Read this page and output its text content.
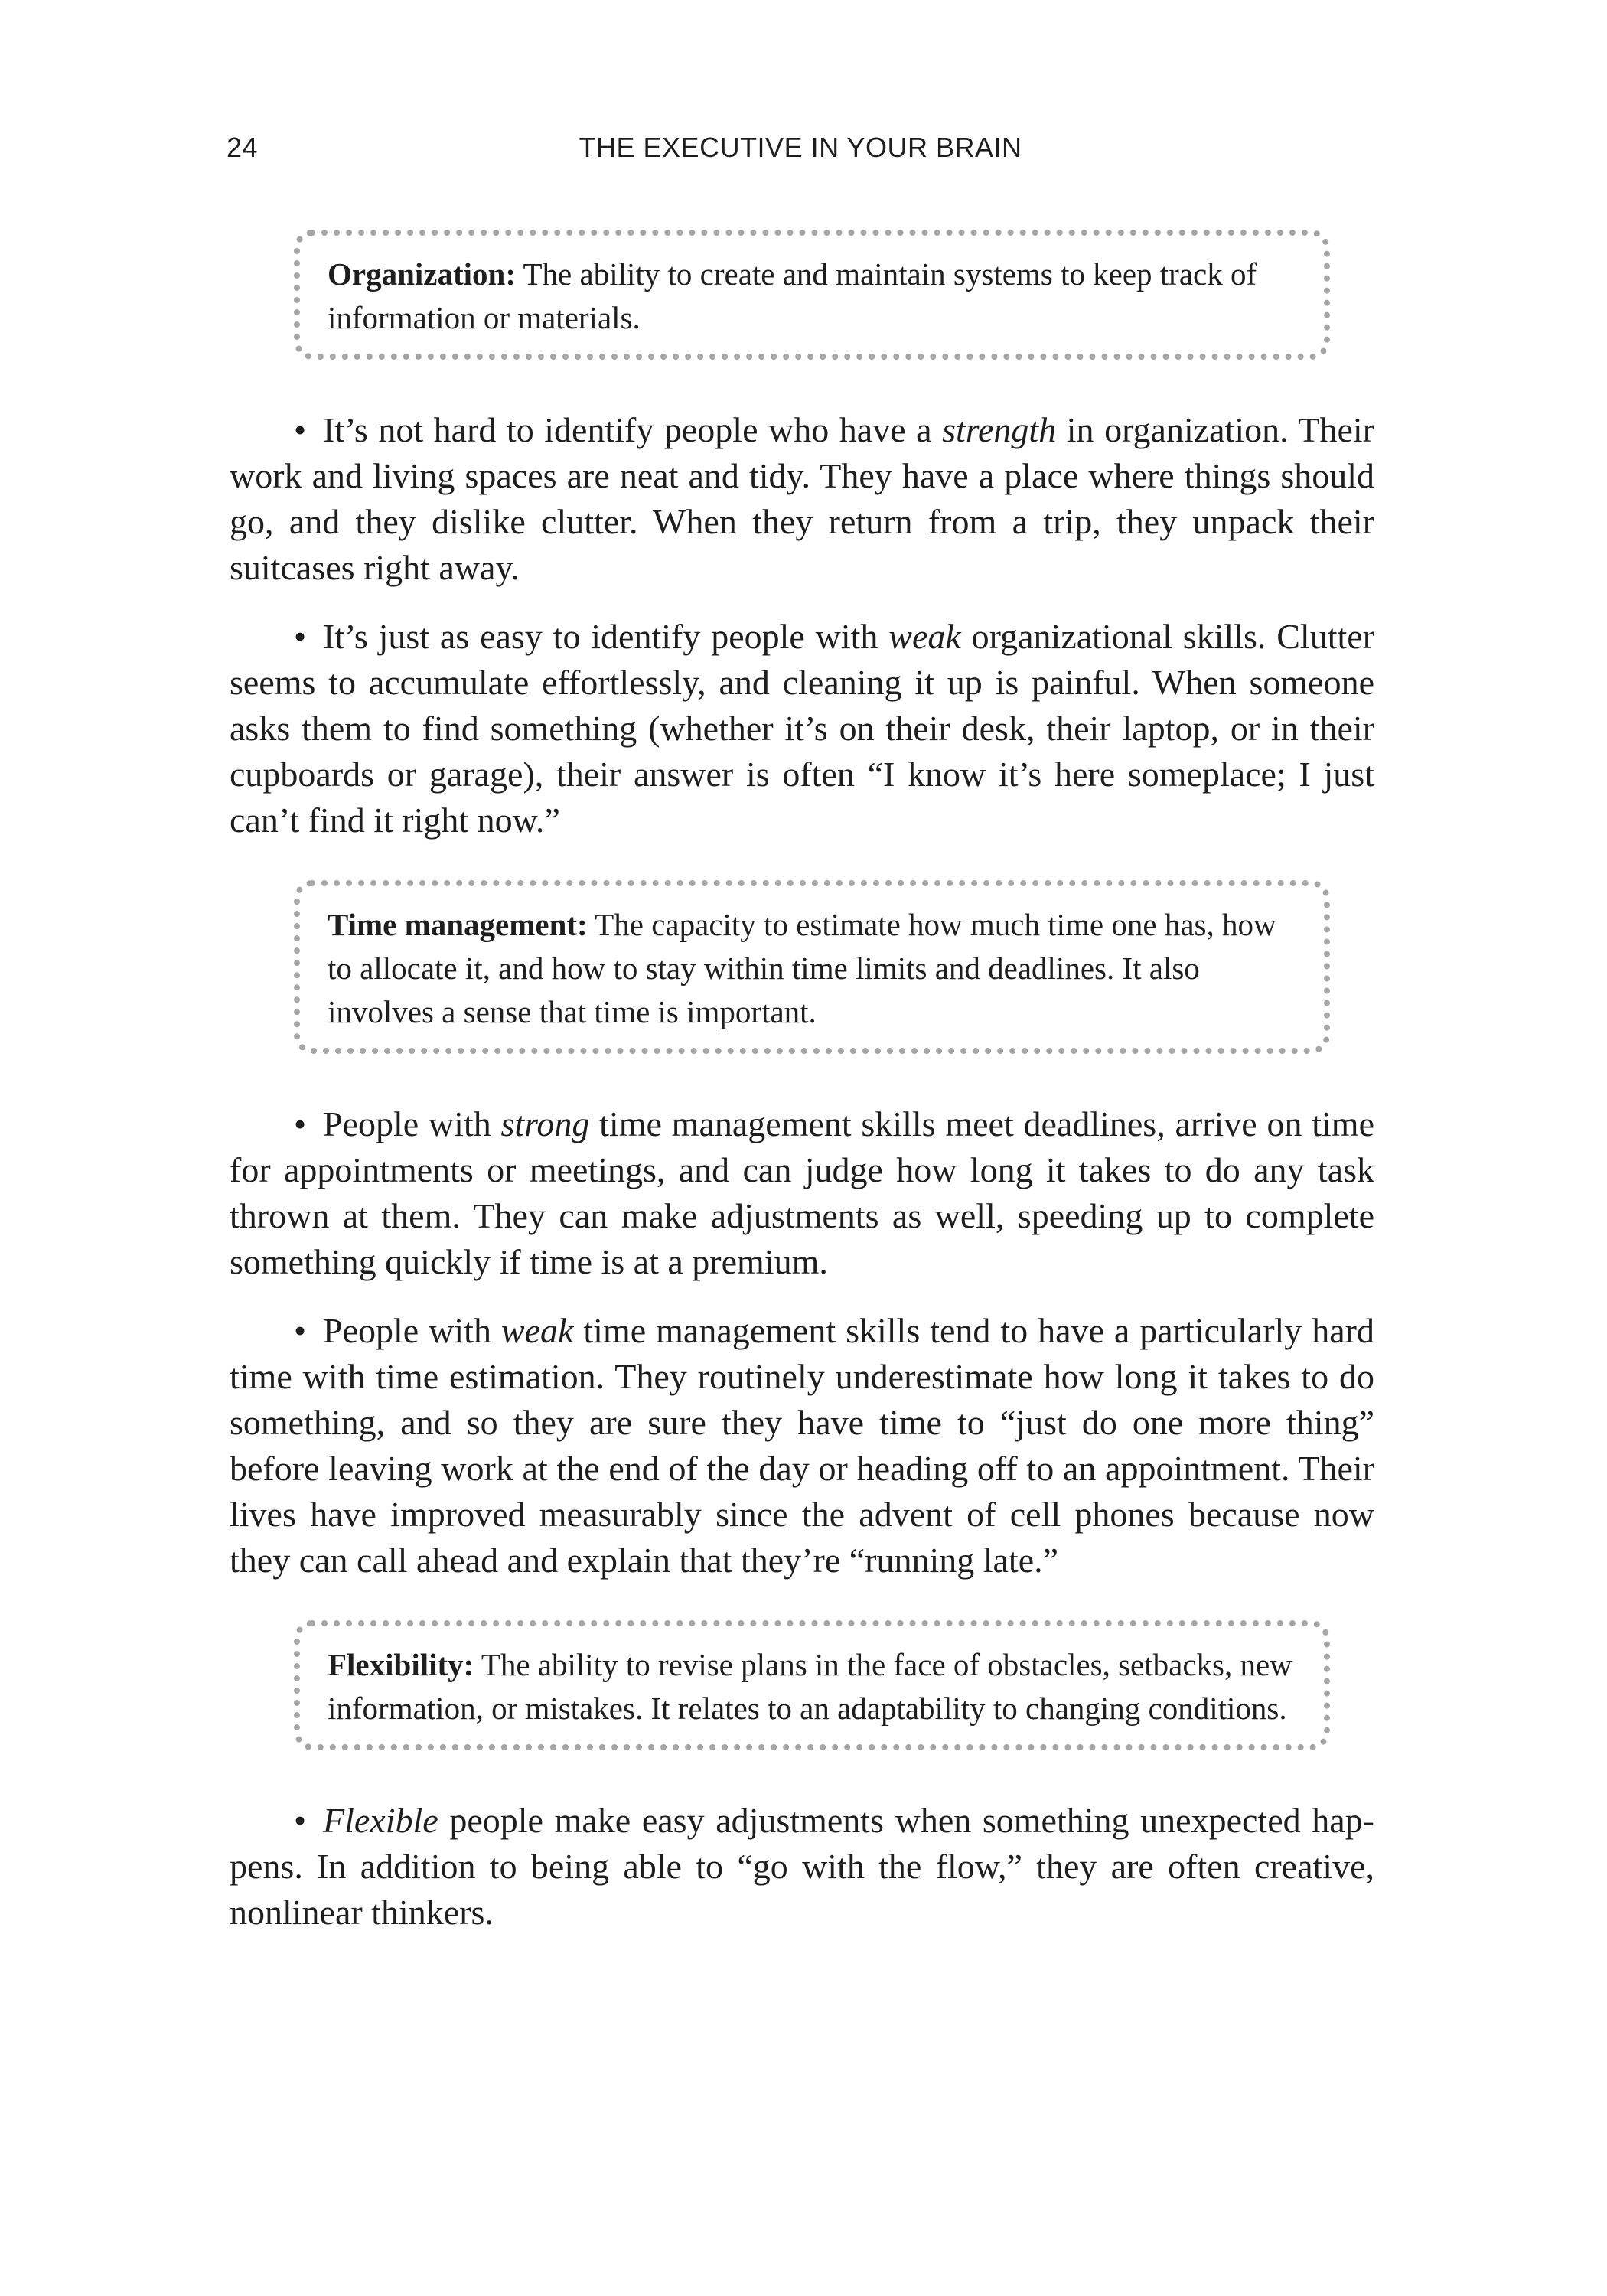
24	THE EXECUTIVE IN YOUR BRAIN
Organization: The ability to create and maintain systems to keep track of information or materials.

• It’s not hard to identify people who have a strength in organization. Their work and living spaces are neat and tidy. They have a place where things should go, and they dislike clutter. When they return from a trip, they unpack their suitcases right away.

• It’s just as easy to identify people with weak organizational skills. Clutter seems to accumulate effortlessly, and cleaning it up is painful. When someone asks them to find something (whether it’s on their desk, their laptop, or in their cupboards or garage), their answer is often “I know it’s here someplace; I just can’t find it right now.”

Time management: The capacity to estimate how much time one has, how to allocate it, and how to stay within time limits and deadlines. It also involves a sense that time is important.

• People with strong time management skills meet deadlines, arrive on time for appointments or meetings, and can judge how long it takes to do any task thrown at them. They can make adjustments as well, speeding up to complete something quickly if time is at a premium.

• People with weak time management skills tend to have a particularly hard time with time estimation. They routinely underestimate how long it takes to do something, and so they are sure they have time to “just do one more thing” before leaving work at the end of the day or heading off to an appointment. Their lives have improved measurably since the advent of cell phones because now they can call ahead and explain that they’re “running late.”

Flexibility: The ability to revise plans in the face of obstacles, setbacks, new information, or mistakes. It relates to an adaptability to changing conditions.

• Flexible people make easy adjustments when something unexpected happens. In addition to being able to “go with the flow,” they are often creative, nonlinear thinkers.
